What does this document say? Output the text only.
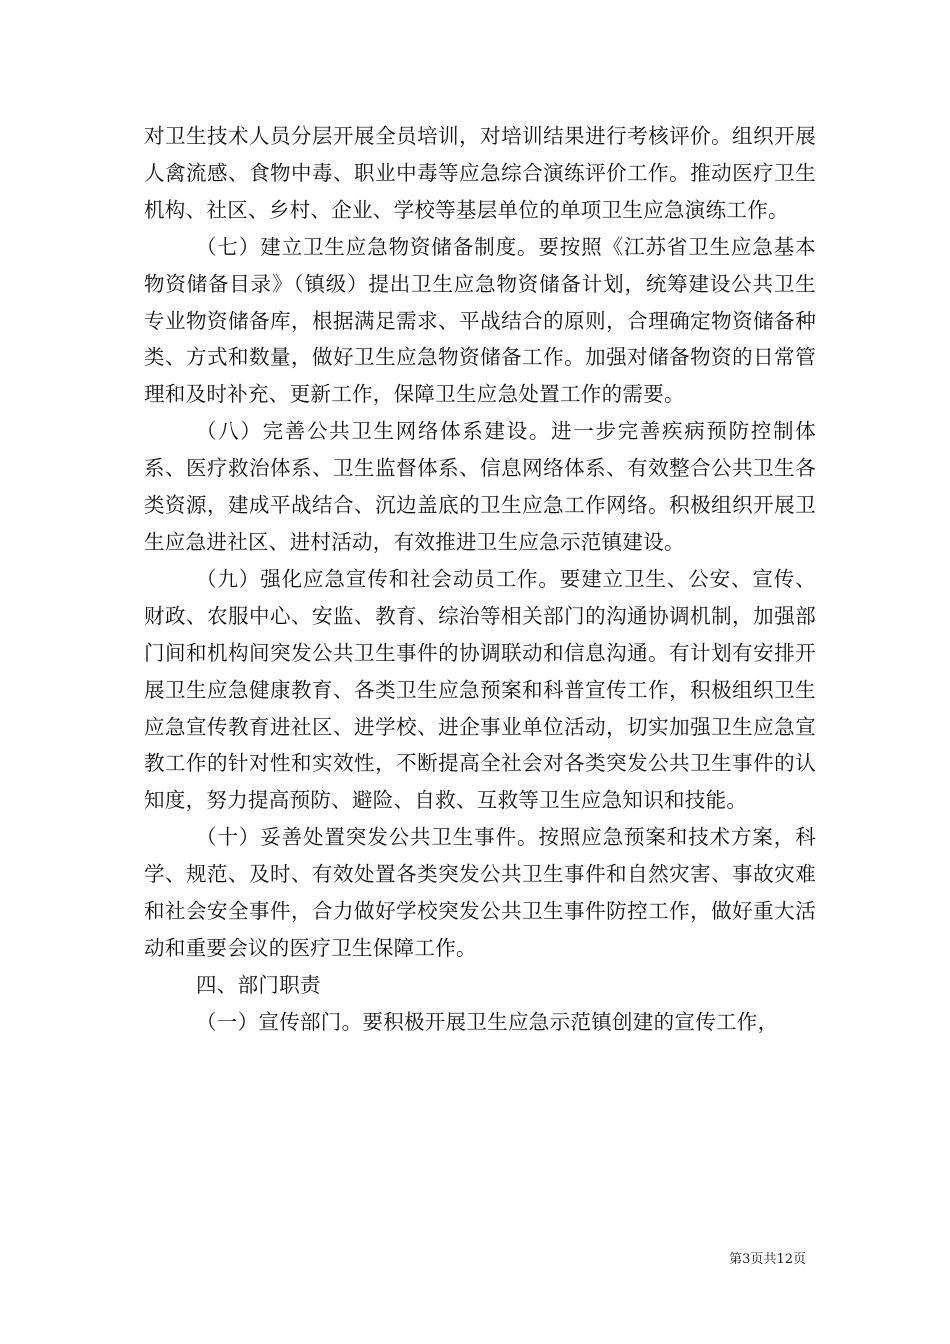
对卫生技术人员分层开展全员培训，对培训结果进行考核评价。组织开展人禽流感、食物中毒、职业中毒等应急综合演练评价工作。推动医疗卫生机构、社区、乡村、企业、学校等基层单位的单项卫生应急演练工作。

（七）建立卫生应急物资储备制度。要按照《江苏省卫生应急基本物资储备目录》（镇级）提出卫生应急物资储备计划，统筹建设公共卫生专业物资储备库，根据满足需求、平战结合的原则，合理确定物资储备种类、方式和数量，做好卫生应急物资储备工作。加强对储备物资的日常管理和及时补充、更新工作，保障卫生应急处置工作的需要。

（八）完善公共卫生网络体系建设。进一步完善疾病预防控制体系、医疗救治体系、卫生监督体系、信息网络体系、有效整合公共卫生各类资源，建成平战结合、沉边盖底的卫生应急工作网络。积极组织开展卫生应急进社区、进村活动，有效推进卫生应急示范镇建设。

（九）强化应急宣传和社会动员工作。要建立卫生、公安、宣传、财政、农服中心、安监、教育、综治等相关部门的沟通协调机制，加强部门间和机构间突发公共卫生事件的协调联动和信息沟通。有计划有安排开展卫生应急健康教育、各类卫生应急预案和科普宣传工作，积极组织卫生应急宣传教育进社区、进学校、进企事业单位活动，切实加强卫生应急宣教工作的针对性和实效性，不断提高全社会对各类突发公共卫生事件的认知度，努力提高预防、避险、自救、互救等卫生应急知识和技能。

（十）妥善处置突发公共卫生事件。按照应急预案和技术方案，科学、规范、及时、有效处置各类突发公共卫生事件和自然灾害、事故灾难和社会安全事件，合力做好学校突发公共卫生事件防控工作，做好重大活动和重要会议的医疗卫生保障工作。

四、部门职责

（一）宣传部门。要积极开展卫生应急示范镇创建的宣传工作，

第3页共12页
